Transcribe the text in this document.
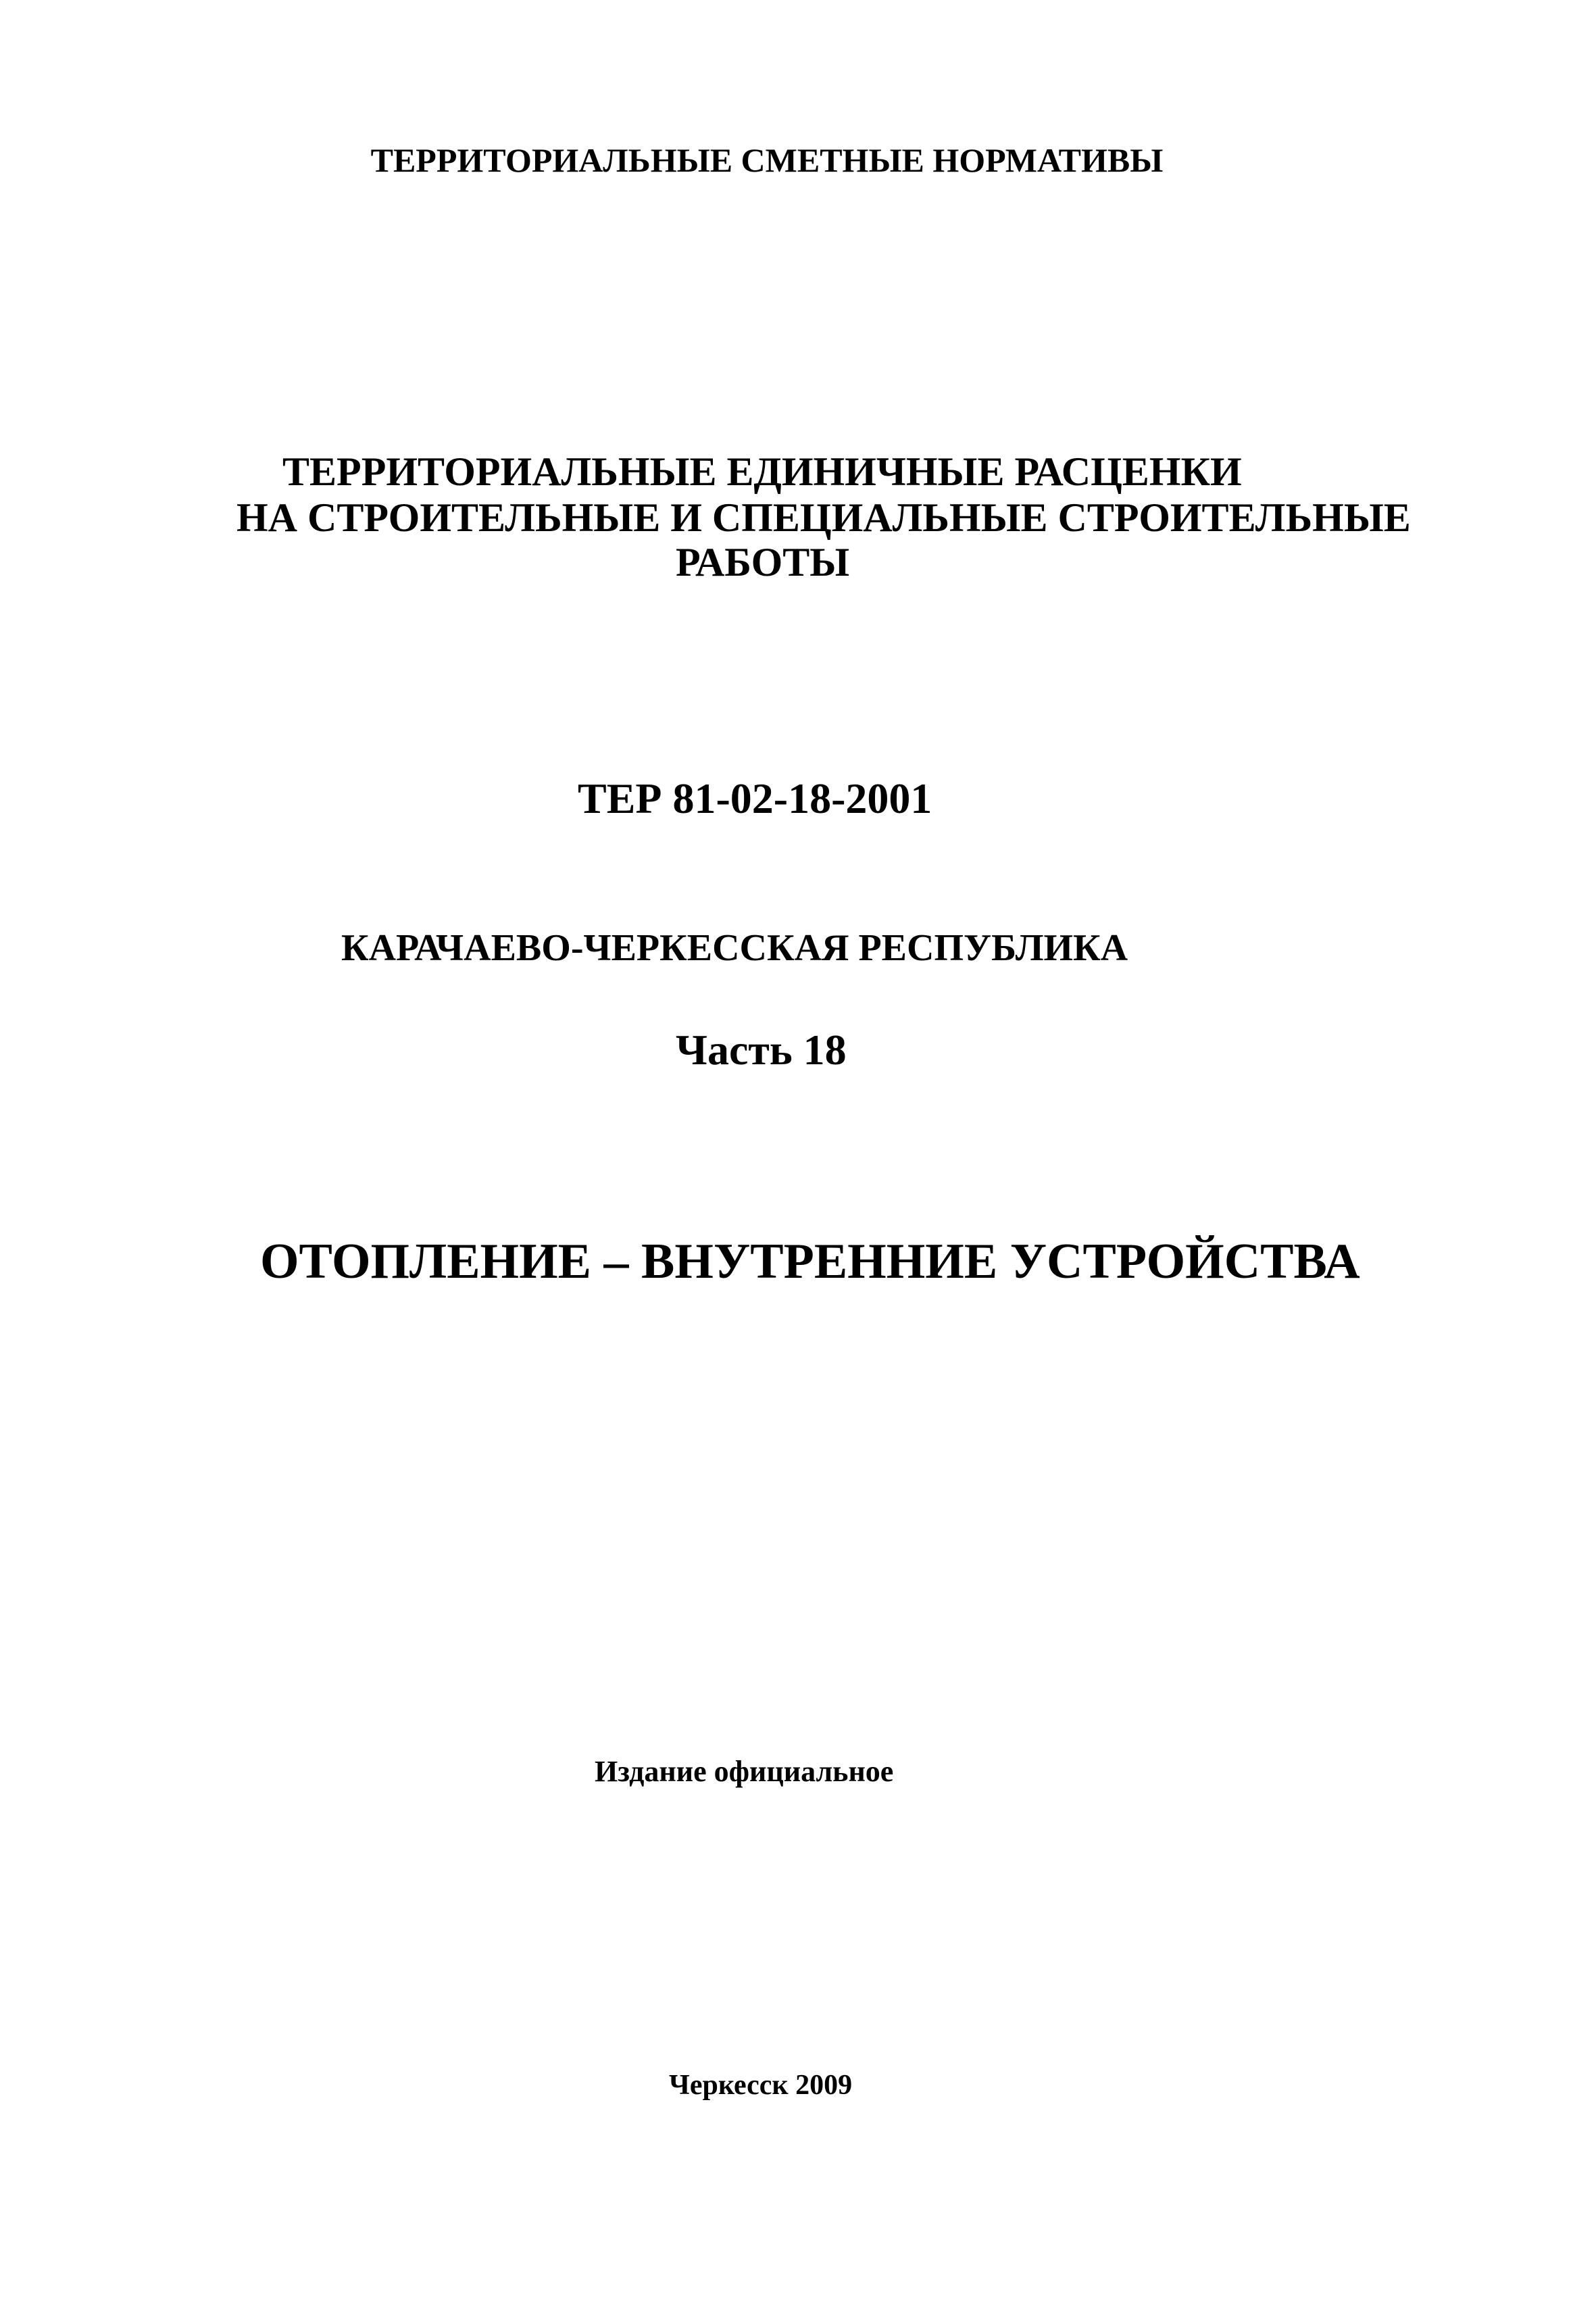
ТЕРРИТОРИАЛЬНЫЕ СМЕТНЫЕ НОРМАТИВЫ
ТЕРРИТОРИАЛЬНЫЕ ЕДИНИЧНЫЕ РАСЦЕНКИ
НА СТРОИТЕЛЬНЫЕ И СПЕЦИАЛЬНЫЕ СТРОИТЕЛЬНЫЕ
РАБОТЫ
ТЕР 81-02-18-2001
КАРАЧАЕВО-ЧЕРКЕССКАЯ РЕСПУБЛИКА
Часть 18
ОТОПЛЕНИЕ – ВНУТРЕННИЕ УСТРОЙСТВА
Издание официальное
Черкесск 2009
